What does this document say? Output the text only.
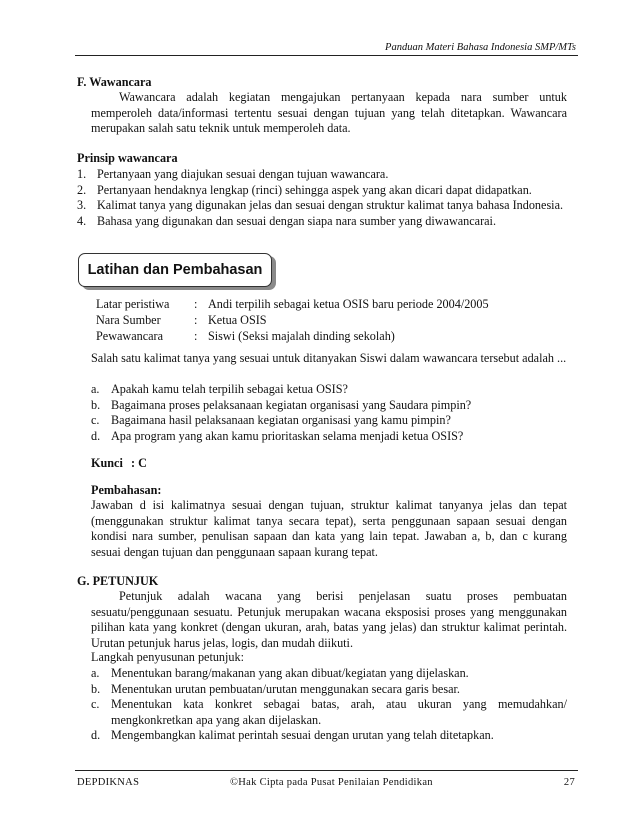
Panduan Materi Bahasa Indonesia SMP/MTs
F. Wawancara
Wawancara adalah kegiatan mengajukan pertanyaan kepada nara sumber untuk memperoleh data/informasi tertentu sesuai dengan tujuan yang telah ditetapkan. Wawancara merupakan salah satu teknik untuk memperoleh data.
Prinsip wawancara
1. Pertanyaan yang diajukan sesuai dengan tujuan wawancara.
2. Pertanyaan hendaknya lengkap (rinci) sehingga aspek yang akan dicari dapat didapatkan.
3. Kalimat tanya yang digunakan jelas dan sesuai dengan struktur kalimat tanya bahasa Indonesia.
4. Bahasa yang digunakan dan sesuai dengan siapa nara sumber yang diwawancarai.
Latihan dan Pembahasan
Latar peristiwa	: Andi terpilih sebagai ketua OSIS baru periode 2004/2005
Nara Sumber	: Ketua OSIS
Pewawancara	: Siswi (Seksi majalah dinding sekolah)
Salah satu kalimat tanya yang sesuai untuk ditanyakan Siswi dalam wawancara tersebut adalah ...
a. Apakah kamu telah terpilih sebagai ketua OSIS?
b. Bagaimana proses pelaksanaan kegiatan organisasi yang Saudara pimpin?
c. Bagaimana hasil pelaksanaan kegiatan organisasi yang kamu pimpin?
d. Apa program yang akan kamu prioritaskan selama menjadi ketua OSIS?
Kunci : C
Pembahasan:
Jawaban d isi kalimatnya sesuai dengan tujuan, struktur kalimat tanyanya jelas dan tepat (menggunakan struktur kalimat tanya secara tepat), serta penggunaan sapaan sesuai dengan kondisi nara sumber, penulisan sapaan dan kata yang lain tepat. Jawaban a, b, dan c kurang sesuai dengan tujuan dan penggunaan sapaan kurang tepat.
G. PETUNJUK
Petunjuk adalah wacana yang berisi penjelasan suatu proses pembuatan sesuatu/penggunaan sesuatu. Petunjuk merupakan wacana eksposisi proses yang menggunakan pilihan kata yang konkret (dengan ukuran, arah, batas yang jelas) dan struktur kalimat perintah. Urutan petunjuk harus jelas, logis, dan mudah diikuti.
Langkah penyusunan petunjuk:
a. Menentukan barang/makanan yang akan dibuat/kegiatan yang dijelaskan.
b. Menentukan urutan pembuatan/urutan menggunakan secara garis besar.
c. Menentukan kata konkret sebagai batas, arah, atau ukuran yang memudahkan/ mengkonkretkan apa yang akan dijelaskan.
d. Mengembangkan kalimat perintah sesuai dengan urutan yang telah ditetapkan.
DEPDIKNAS	©Hak Cipta pada Pusat Penilaian Pendidikan	27
